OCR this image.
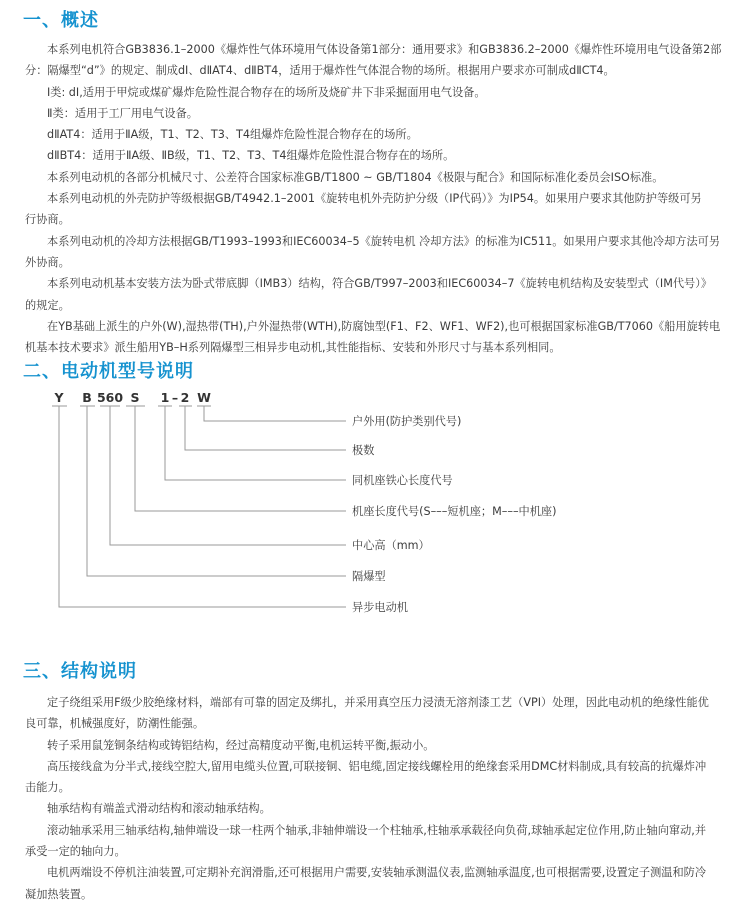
一、概述
本系列电机符合GB3836.1–2000《爆炸性气体环境用气体设备第1部分：通用要求》和GB3836.2–2000《爆炸性环境用电气设备第2部
分：隔爆型“d”》的规定、制成dⅠ、dⅡAT4、dⅡBT4，适用于爆炸性气体混合物的场所。根据用户要求亦可制成dⅡCT4。
Ⅰ类: dⅠ,适用于甲烷或煤矿爆炸危险性混合物存在的场所及烧矿井下非采掘面用电气设备。
Ⅱ类：适用于工厂用电气设备。
dⅡAT4：适用于ⅡA级，T1、T2、T3、T4组爆炸危险性混合物存在的场所。
dⅡBT4：适用于ⅡA级、ⅡB级，T1、T2、T3、T4组爆炸危险性混合物存在的场所。
本系列电动机的各部分机械尺寸、公差符合国家标准GB/T1800 ~ GB/T1804《极限与配合》和国际标准化委员会ISO标准。
本系列电动机的外壳防护等级根据GB/T4942.1–2001《旋转电机外壳防护分级（IP代码）》为IP54。如果用户要求其他防护等级可另
行协商。
本系列电动机的冷却方法根据GB/T1993–1993和IEC60034–5《旋转电机 冷却方法》的标准为IC511。如果用户要求其他冷却方法可另
外协商。
本系列电动机基本安装方法为卧式带底脚（IMB3）结构，符合GB/T997–2003和IEC60034–7《旋转电机结构及安装型式（IM代号）》
的规定。
在YB基础上派生的户外(W),湿热带(TH),户外湿热带(WTH),防腐蚀型(F1、F2、WF1、WF2),也可根据国家标准GB/T7060《船用旋转电
机基本技术要求》派生船用YB–H系列隔爆型三相异步电动机,其性能指标、安装和外形尺寸与基本系列相同。
二、电动机型号说明
Y B 560 S 1 – 2 W
户外用(防护类别代号)
极数
同机座铁心长度代号
机座长度代号(S–––短机座；M–––中机座)
中心高（mm）
隔爆型
异步电动机
三、结构说明
定子绕组采用F级少胶绝缘材料，端部有可靠的固定及绑扎，并采用真空压力浸渍无溶剂漆工艺（VPI）处理，因此电动机的绝缘性能优
良可靠，机械强度好，防潮性能强。
转子采用鼠笼铜条结构或铸铝结构，经过高精度动平衡,电机运转平衡,振动小。
高压接线盒为分半式,接线空腔大,留用电缆头位置,可联接铜、铝电缆,固定接线螺栓用的绝缘套采用DMC材料制成,具有较高的抗爆炸冲
击能力。
轴承结构有端盖式滑动结构和滚动轴承结构。
滚动轴承采用三轴承结构,轴伸端设一球一柱两个轴承,非轴伸端设一个柱轴承,柱轴承承载径向负荷,球轴承起定位作用,防止轴向窜动,并
承受一定的轴向力。
电机两端设不停机注油装置,可定期补充润滑脂,还可根据用户需要,安装轴承测温仪表,监测轴承温度,也可根据需要,设置定子测温和防冷
凝加热装置。
